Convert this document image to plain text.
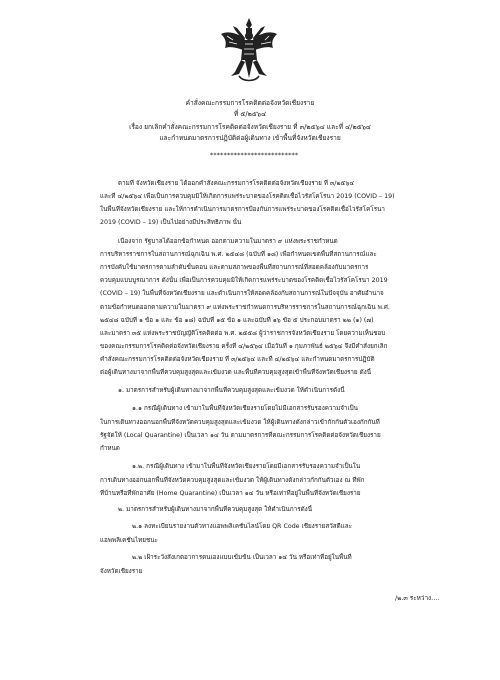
คำสั่งคณะกรรมการโรคติดต่อจังหวัดเชียงราย
ที่ ๕/๒๕๖๔
เรื่อง ยกเลิกคำสั่งคณะกรรมการโรคติดต่อจังหวัดเชียงราย ที่ ๓/๒๕๖๔ และที่ ๔/๒๕๖๔
และกำหนดมาตรการปฏิบัติต่อผู้เดินทาง เข้าพื้นที่จังหวัดเชียงราย
**************************
ตามที่ จังหวัดเชียงราย ได้ออกคำสั่งคณะกรรมการโรคติดต่อจังหวัดเชียงราย ที่ ๓/๒๕๖๔
และที่ ๔/๒๕๖๔ เพื่อเป็นการควบคุมมิให้เกิดการแพร่ระบาดของโรคติดเชื้อไวรัสโคโรนา 2019 (COVID – 19)
ในพื้นที่จังหวัดเชียงราย และให้การดำเนินการมาตรการป้องกันการแพร่ระบาดของโรคติดเชื้อไวรัสโคโรนา
2019 (COVID – 19) เป็นไปอย่างมีประสิทธิภาพ นั้น
เนื่องจาก รัฐบาลได้ออกข้อกำหนด ออกตามความในมาตรา ๙ แห่งพระราชกำหนด
การบริหารราชการในสถานการณ์ฉุกเฉิน พ.ศ. ๒๕๔๘ (ฉบับที่ ๑๘) เพื่อกำหนดเขตพื้นที่สถานการณ์และ
การบังคับใช้มาตรการตามลำดับขั้นตอน และตามสภาพของพื้นที่สถานการณ์ที่สอดคล้องกับมาตรการ
ควบคุมแบบบูรณาการ ดังนั้น เพื่อเป็นการควบคุมมิให้เกิดการแพร่ระบาดของโรคติดเชื้อไวรัสโคโรนา 2019
(COVID – 19) ในพื้นที่จังหวัดเชียงราย และดำเนินการให้สอดคล้องกับสถานการณ์ในปัจจุบัน อาศัยอำนาจ
ตามข้อกำหนดออกตามความในมาตรา ๙ แห่งพระราชกำหนดการบริหารราชการในสถานการณ์ฉุกเฉิน พ.ศ.
๒๕๔๘ ฉบับที่ ๑ ข้อ ๑ และ ข้อ ๑๘) ฉบับที่ ๑๕ ข้อ ๑ และฉบับที่ ๑๖ ข้อ ๕ ประกอบมาตรา ๒๒ (๑) (๗)
และมาตรา ๓๕ แห่งพระราชบัญญัติโรคติดต่อ พ.ศ. ๒๕๕๘ ผู้ว่าราชการจังหวัดเชียงราย โดยความเห็นชอบ
ของคณะกรรมการโรคติดต่อจังหวัดเชียงราย ครั้งที่ ๔/๒๕๖๔ เมื่อวันที่ ๑ กุมภาพันธ์ ๒๕๖๔ จึงมีคำสั่งยกเลิก
คำสั่งคณะกรรมการโรคติดต่อจังหวัดเชียงราย ที่ ๓/๒๕๖๔ และที่ ๔/๒๕๖๔ และกำหนดมาตรการปฏิบัติ
ต่อผู้เดินทางมาจากพื้นที่ควบคุมสูงสุดและเข้มงวด และพื้นที่ควบคุมสูงสุดเข้าพื้นที่จังหวัดเชียงราย ดังนี้
๑. มาตรการสำหรับผู้เดินทางมาจากพื้นที่ควบคุมสูงสุดและเข้มงวด ให้ดำเนินการดังนี้
๑.๑ กรณีผู้เดินทาง เข้ามาในพื้นที่จังหวัดเชียงรายโดยไม่มีเอกสารรับรองความจำเป็น
ในการเดินทางออกนอกพื้นที่จังหวัดควบคุมสูงสุดและเข้มงวด ให้ผู้เดินทางดังกล่าวเข้ากักกันตัวเองกักกันที่
รัฐจัดให้ (Local Quarantine) เป็นเวลา ๑๔ วัน ตามมาตรการที่คณะกรรมการโรคติดต่อจังหวัดเชียงราย
กำหนด
๑.๒. กรณีผู้เดินทาง เข้ามาในพื้นที่จังหวัดเชียงรายโดยมีเอกสารรับรองความจำเป็นใน
การเดินทางออกนอกพื้นที่จังหวัดควบคุมสูงสุดและเข้มงวด ให้ผู้เดินทางดังกล่าวกักกันตัวเอง ณ ที่พัก
ที่บ้านหรือที่พักอาศัย (Home Quarantine) เป็นเวลา ๑๔ วัน หรือเท่าที่อยู่ในพื้นที่จังหวัดเชียงราย
๒. มาตรการสำหรับผู้เดินทางมาจากพื้นที่ควบคุมสูงสุด ให้ดำเนินการดังนี้
๒.๑ ลงทะเบียนรายงานตัวทางแอพพลิเคชั่นไลน์โดย QR Code เชียงรายสวัสดีและ
แอพพลิเคชั่นไทยชนะ
๒.๒ เฝ้าระวังสังเกตอาการตนเองแบบเข้มข้น เป็นเวลา ๑๔ วัน หรือเท่าที่อยู่ในพื้นที่
จังหวัดเชียงราย
/๒.๓ ระหว่าง....
